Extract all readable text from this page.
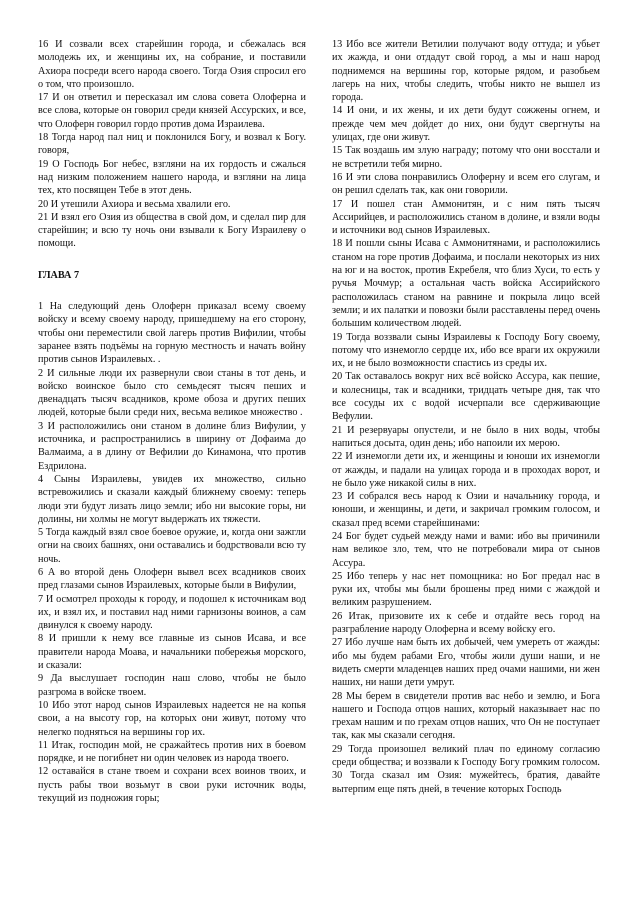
16 И созвали всех старейшин города, и сбежалась вся молодежь их, и женщины их, на собрание, и поставили Ахиора посреди всего народа своего. Тогда Озия спросил его о том, что произошло.

17 И он ответил и пересказал им слова совета Олоферна и все слова, которые он говорил среди князей Ассурских, и все, что Олоферн говорил гордо против дома Израилева.

18 Тогда народ пал ниц и поклонился Богу, и возвал к Богу. говоря,

19 О Господь Бог небес, взгляни на их гордость и сжалься над низким положением нашего народа, и взгляни на лица тех, кто посвящен Тебе в этот день.

20 И утешили Ахиора и весьма хвалили его.

21 И взял его Озия из общества в свой дом, и сделал пир для старейшин; и всю ту ночь они взывали к Богу Израилеву о помощи.

ГЛАВА 7

1 На следующий день Олоферн приказал всему своему войску и всему своему народу, пришедшему на его сторону, чтобы они переместили свой лагерь против Вифилии, чтобы заранее взять подъёмы на горную местность и начать войну против сынов Израилевых. .

2 И сильные люди их развернули свои станы в тот день, и войско воинское было сто семьдесят тысяч пеших и двенадцать тысяч всадников, кроме обоза и других пеших людей, которые были среди них, весьма великое множество .

3 И расположились они станом в долине близ Вифулии, у источника, и распространились в ширину от Дофаима до Валмаима, а в длину от Вефилии до Кинамона, что против Ездрилона.

4 Сыны Израилевы, увидев их множество, сильно встревожились и сказали каждый ближнему своему: теперь люди эти будут лизать лицо земли; ибо ни высокие горы, ни долины, ни холмы не могут выдержать их тяжести.

5 Тогда каждый взял свое боевое оружие, и, когда они зажгли огни на своих башнях, они оставались и бодрствовали всю ту ночь.

6 А во второй день Олоферн вывел всех всадников своих пред глазами сынов Израилевых, которые были в Вифулии,

7 И осмотрел проходы к городу, и подошел к источникам вод их, и взял их, и поставил над ними гарнизоны воинов, а сам двинулся к своему народу.

8 И пришли к нему все главные из сынов Исава, и все правители народа Моава, и начальники побережья морского, и сказали:

9 Да выслушает господин наш слово, чтобы не было разгрома в войске твоем.

10 Ибо этот народ сынов Израилевых надеется не на копья свои, а на высоту гор, на которых они живут, потому что нелегко подняться на вершины гор их.

11 Итак, господин мой, не сражайтесь против них в боевом порядке, и не погибнет ни один человек из народа твоего.

12 оставайся в стане твоем и сохрани всех воинов твоих, и пусть рабы твои возьмут в свои руки источник воды, текущий из подножия горы;

13 Ибо все жители Ветилии получают воду оттуда; и убьет их жажда, и они отдадут свой город, а мы и наш народ поднимемся на вершины гор, которые рядом, и разобьем лагерь на них, чтобы следить, чтобы никто не вышел из города.

14 И они, и их жены, и их дети будут сожжены огнем, и прежде чем меч дойдет до них, они будут свергнуты на улицах, где они живут.

15 Так воздашь им злую награду; потому что они восстали и не встретили тебя мирно.

16 И эти слова понравились Олоферну и всем его слугам, и он решил сделать так, как они говорили.

17 И пошел стан Аммонитян, и с ним пять тысяч Ассирийцев, и расположились станом в долине, и взяли воды и источники вод сынов Израилевых.

18 И пошли сыны Исава с Аммонитянами, и расположились станом на горе против Дофаима, и послали некоторых из них на юг и на восток, против Екребеля, что близ Хуси, то есть у ручья Мочмур; а остальная часть войска Ассирийского расположилась станом на равнине и покрыла лицо всей земли; и их палатки и повозки были расставлены перед очень большим количеством людей.

19 Тогда воззвали сыны Израилевы к Господу Богу своему, потому что изнемогло сердце их, ибо все враги их окружили их, и не было возможности спастись из среды их.

20 Так оставалось вокруг них всё войско Ассура, как пешие, и колесницы, так и всадники, тридцать четыре дня, так что все сосуды их с водой исчерпали все сдерживающие Вефулии.

21 И резервуары опустели, и не было в них воды, чтобы напиться досыта, один день; ибо напоили их мерою.

22 И изнемогли дети их, и женщины и юноши их изнемогли от жажды, и падали на улицах города и в проходах ворот, и не было уже никакой силы в них.

23 И собрался весь народ к Озии и начальнику города, и юноши, и женщины, и дети, и закричал громким голосом, и сказал пред всеми старейшинами:

24 Бог будет судьей между нами и вами: ибо вы причинили нам великое зло, тем, что не потребовали мира от сынов Ассура.

25 Ибо теперь у нас нет помощника: но Бог предал нас в руки их, чтобы мы были брошены пред ними с жаждой и великим разрушением.

26 Итак, призовите их к себе и отдайте весь город на разграбление народу Олоферна и всему войску его.

27 Ибо лучше нам быть их добычей, чем умереть от жажды: ибо мы будем рабами Его, чтобы жили души наши, и не видеть смерти младенцев наших пред очами нашими, ни жен наших, ни наши дети умрут.

28 Мы берем в свидетели против вас небо и землю, и Бога нашего и Господа отцов наших, который наказывает нас по грехам нашим и по грехам отцов наших, что Он не поступает так, как мы сказали сегодня.

29 Тогда произошел великий плач по единому согласию среди общества; и воззвали к Господу Богу громким голосом.

30 Тогда сказал им Озия: мужейтесь, братия, давайте вытерпим еще пять дней, в течение которых Господь
